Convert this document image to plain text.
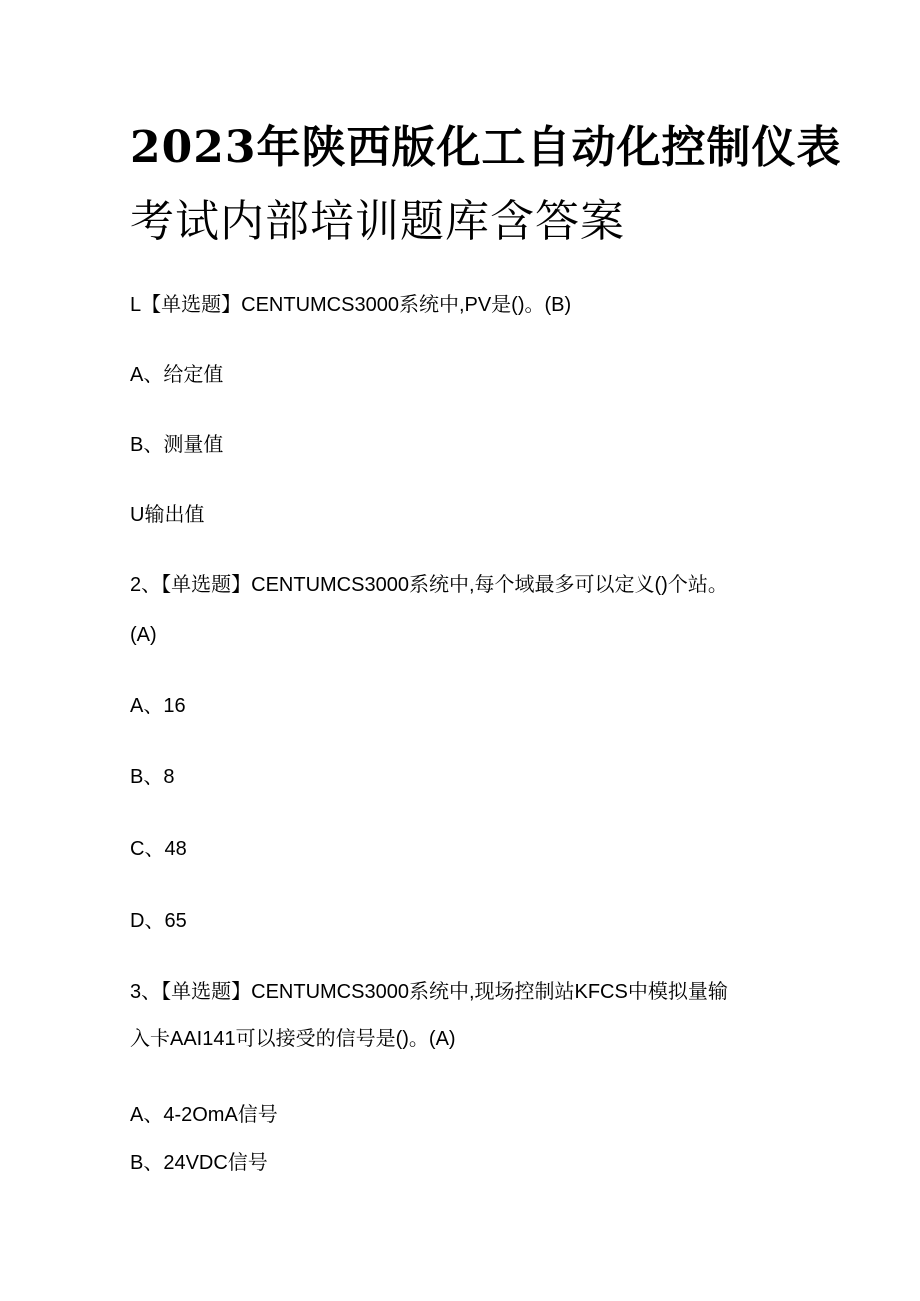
2023年陕西版化工自动化控制仪表
考试内部培训题库含答案
L【单选题】CENTUMCS3000系统中,PV是()。(B)
A、给定值
B、测量值
U输出值
2、【单选题】CENTUMCS3000系统中,每个域最多可以定义()个站。
(A)
A、16
B、8
C、48
D、65
3、【单选题】CENTUMCS3000系统中,现场控制站KFCS中模拟量输
入卡AAI141可以接受的信号是()。(A)
A、4-2OmA信号
B、24VDC信号
